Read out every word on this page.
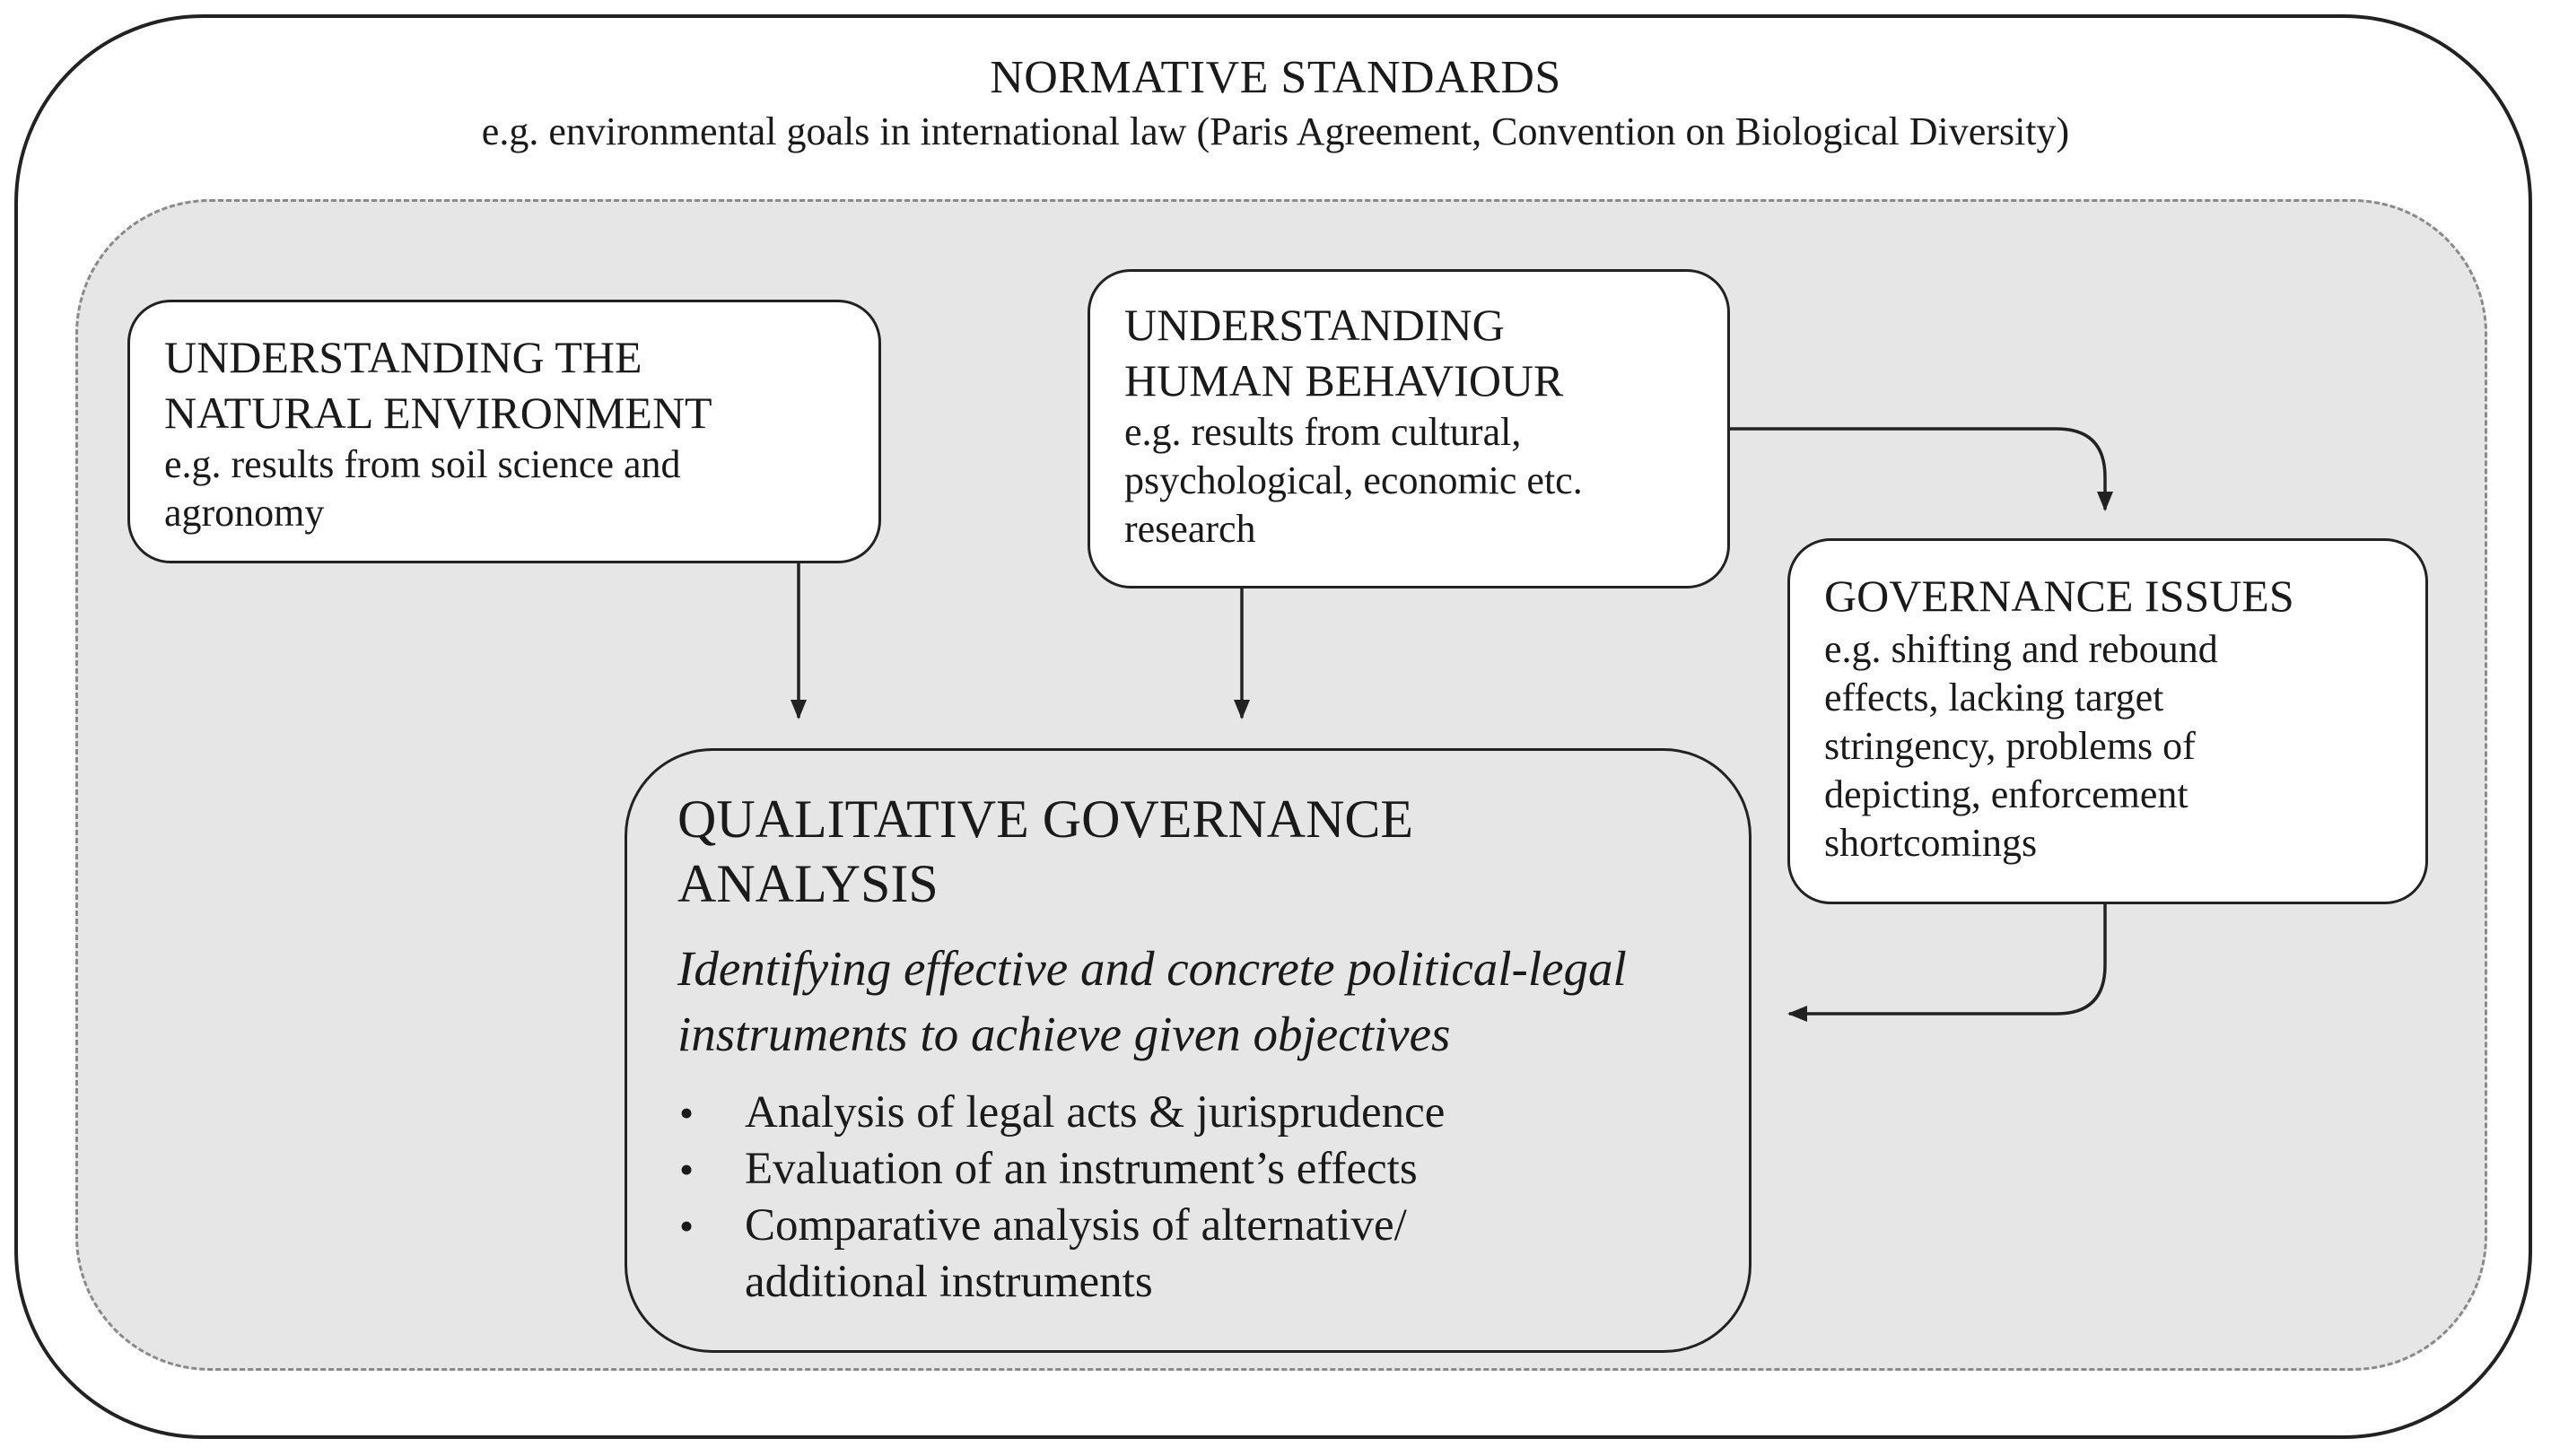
NORMATIVE STANDARDS
e.g. environmental goals in international law (Paris Agreement, Convention on Biological Diversity)
UNDERSTANDING THE
NATURAL ENVIRONMENT
e.g. results from soil science and
agronomy
UNDERSTANDING
HUMAN BEHAVIOUR
e.g. results from cultural,
psychological, economic etc.
research
GOVERNANCE ISSUES
e.g. shifting and rebound
effects, lacking target
stringency, problems of
depicting, enforcement
shortcomings
QUALITATIVE GOVERNANCE
ANALYSIS
Identifying effective and concrete political-legal
instruments to achieve given objectives
• Analysis of legal acts & jurisprudence
• Evaluation of an instrument’s effects
• Comparative analysis of alternative/
additional instruments
